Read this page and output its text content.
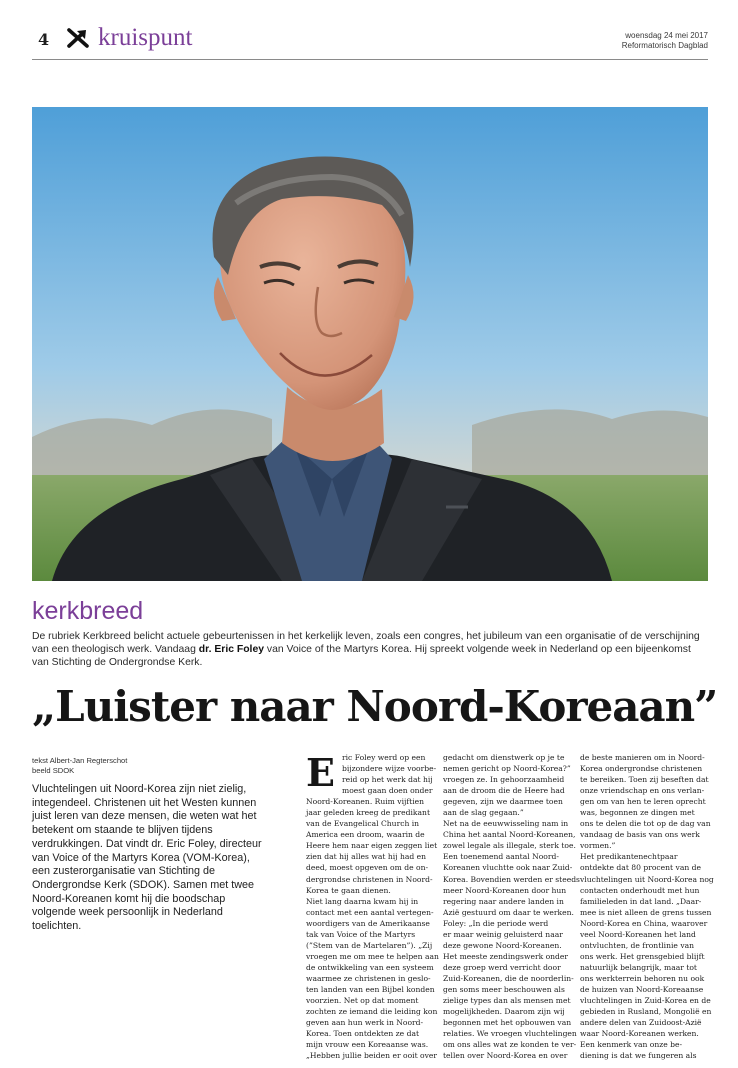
4 kruispunt	woensdag 24 mei 2017
Reformatorisch Dagblad
kerkbreed
De rubriek Kerkbreed belicht actuele gebeurtenissen in het kerkelijk leven, zoals een congres, het jubileum van een organisatie of de verschijning van een theologisch werk. Vandaag dr. Eric Foley van Voice of the Martyrs Korea. Hij spreekt volgende week in Nederland op een bijeenkomst van Stichting de Ondergrondse Kerk.
„Luister naar Noord-Koreaan”
tekst Albert-Jan Regterschot
beeld SDOK

Vluchtelingen uit Noord-Korea zijn niet zielig, integendeel. Christenen uit het Westen kunnen juist leren van deze mensen, die weten wat het betekent om staande te blijven tijdens verdrukkingen. Dat vindt dr. Eric Foley, directeur van Voice of the Martyrs Korea (VOM-Korea), een zusterorganisatie van Stichting de Ondergrondse Kerk (SDOK). Samen met twee Noord-Koreanen komt hij die boodschap volgende week persoonlijk in Nederland toelichten.

E ric Foley werd op een
bijzondere wijze voorbe-
reid op het werk dat hij
moest gaan doen onder
Noord-Koreanen. Ruim vijftien
jaar geleden kreeg de predikant
van de Evangelical Church in
America een droom, waarin de
Heere hem naar eigen zeggen liet
zien dat hij alles wat hij had en
deed, moest opgeven om de on-
dergrondse christenen in Noord-
Korea te gaan dienen.
Niet lang daarna kwam hij in
contact met een aantal vertegen-
woordigers van de Amerikaanse
tak van Voice of the Martyrs
(”Stem van de Martelaren”). „Zij
vroegen me om mee te helpen aan
de ontwikkeling van een systeem
waarmee ze christenen in geslo-
ten landen van een Bijbel konden
voorzien. Net op dat moment
zochten ze iemand die leiding kon
geven aan hun werk in Noord-
Korea. Toen ontdekten ze dat
mijn vrouw een Koreaanse was.
„Hebben jullie beiden er ooit over
gedacht om dienstwerk op je te
nemen gericht op Noord-Korea?”
vroegen ze. In gehoorzaamheid
aan de droom die de Heere had
gegeven, zijn we daarmee toen
aan de slag gegaan.”
Net na de eeuwwisseling nam in
China het aantal Noord-Koreanen,
zowel legale als illegale, sterk toe.
Een toenemend aantal Noord-
Koreanen vluchtte ook naar Zuid-
Korea. Bovendien werden er steeds
meer Noord-Koreanen door hun
regering naar andere landen in
Azië gestuurd om daar te werken.
Foley: „In die periode werd
er maar weinig geluisterd naar
deze gewone Noord-Koreanen.
Het meeste zendingswerk onder
deze groep werd verricht door
Zuid-Koreanen, die de noorderlin-
gen soms meer beschouwen als
zielige types dan als mensen met
mogelijkheden. Daarom zijn wij
begonnen met het opbouwen van
relaties. We vroegen vluchtelingen
om ons alles wat ze konden te ver-
tellen over Noord-Korea en over
de beste manieren om in Noord-
Korea ondergrondse christenen
te bereiken. Toen zij beseften dat
onze vriendschap en ons verlan-
gen om van hen te leren oprecht
was, begonnen ze dingen met
ons te delen die tot op de dag van
vandaag de basis van ons werk
vormen.”
Het predikantenechtpaar
ontdekte dat 80 procent van de
vluchtelingen uit Noord-Korea nog
contacten onderhoudt met hun
familieleden in dat land. „Daar-
mee is niet alleen de grens tussen
Noord-Korea en China, waarover
veel Noord-Koreanen het land
ontvluchten, de frontlinie van
ons werk. Het grensgebied blijft
natuurlijk belangrijk, maar tot
ons werkterrein behoren nu ook
de huizen van Noord-Koreaanse
vluchtelingen in Zuid-Korea en de
gebieden in Rusland, Mongolië en
andere delen van Zuidoost-Azië
waar Noord-Koreanen werken.
Een kenmerk van onze be-
diening is dat we fungeren als
